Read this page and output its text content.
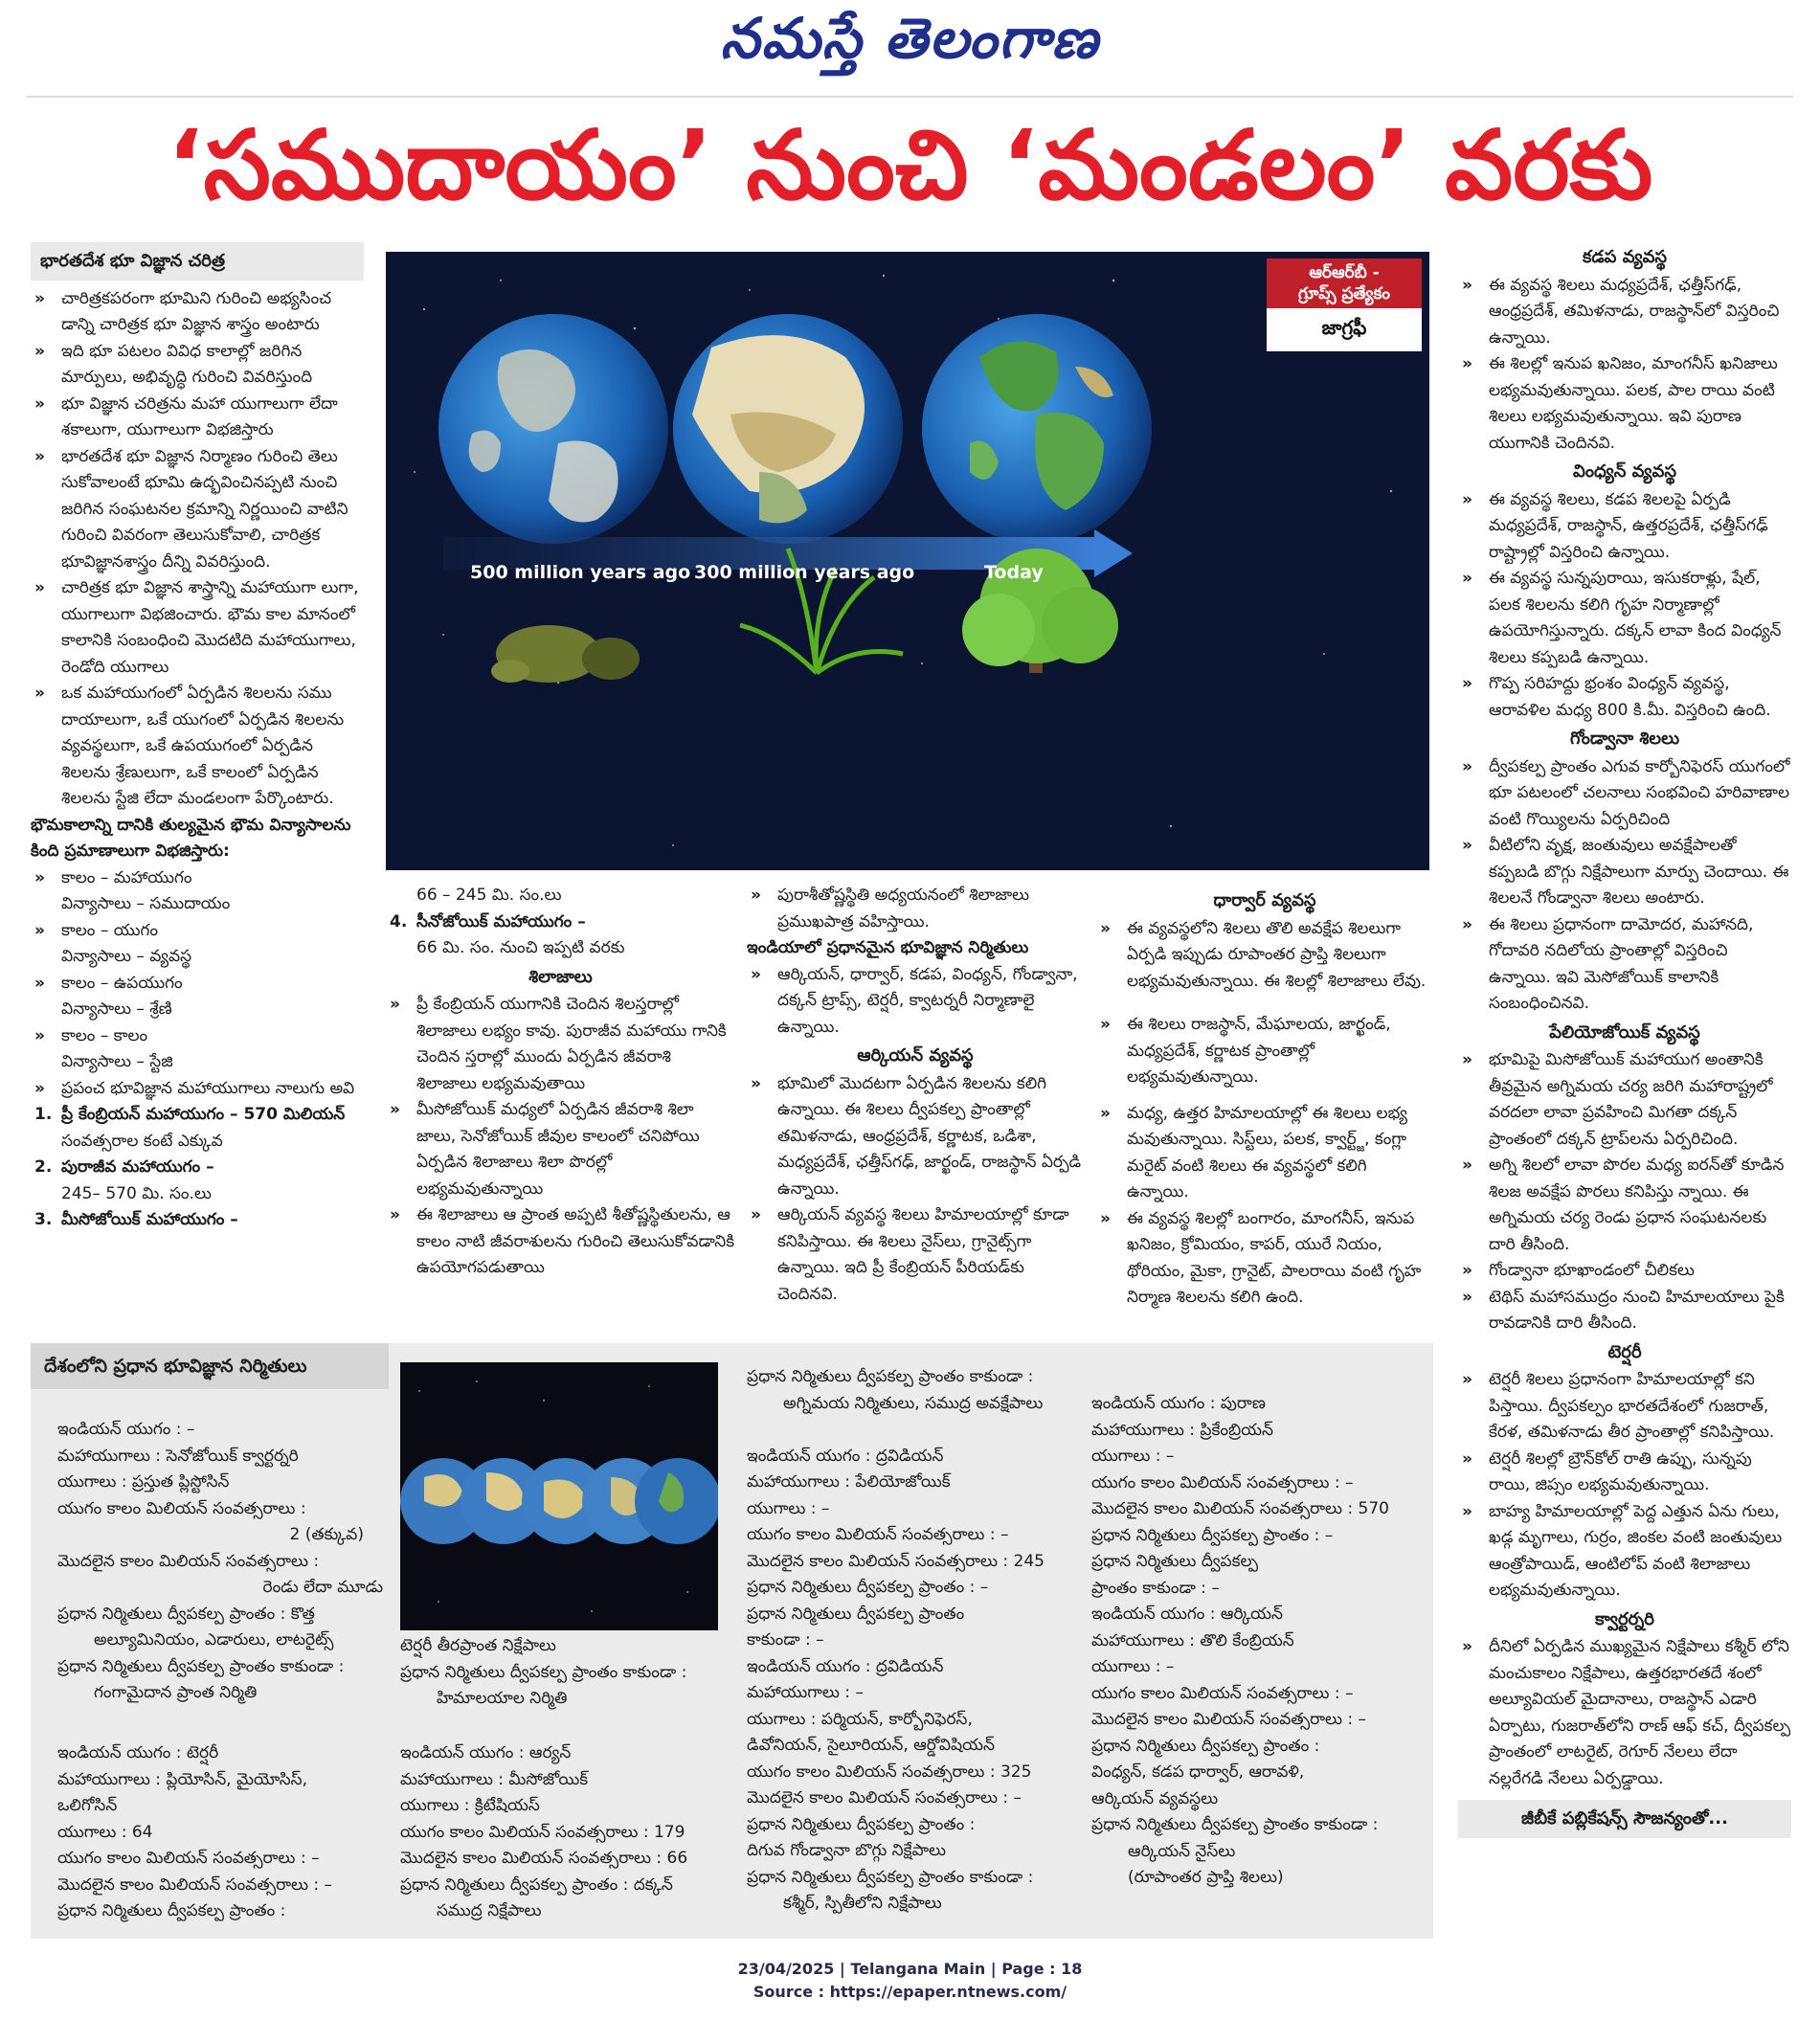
నమస్తే తెలంగాణ
‘సముదాయం’ నుంచి ‘మండలం’ వరకు
భారతదేశ భూ విజ్ఞాన చరిత్ర
» చారిత్రకపరంగా భూమిని గురించి అభ్యసించ డాన్ని చారిత్రక భూ విజ్ఞాన శాస్త్రం అంటారు
» ఇది భూ పటలం వివిధ కాలాల్లో జరిగిన మార్పులు, అభివృద్ధి గురించి వివరిస్తుంది
» భూ విజ్ఞాన చరిత్రను మహా యుగాలుగా లేదా శకాలుగా, యుగాలుగా విభజిస్తారు
» భారతదేశ భూ విజ్ఞాన నిర్మాణం గురించి తెలు సుకోవాలంటే భూమి ఉద్భవించినప్పటి నుంచి జరిగిన సంఘటనల క్రమాన్ని నిర్ణయించి వాటిని గురించి వివరంగా తెలుసుకోవాలి, చారిత్రక భూవిజ్ఞానశాస్త్రం దీన్ని వివరిస్తుంది.
» చారిత్రక భూ విజ్ఞాన శాస్త్రాన్ని మహాయుగా లుగా, యుగాలుగా విభజించారు. భౌమ కాల మానంలో కాలానికి సంబంధించి మొదటిది మహాయుగాలు, రెండోది యుగాలు
» ఒక మహాయుగంలో ఏర్పడిన శిలలను సము దాయాలుగా, ఒకే యుగంలో ఏర్పడిన శిలలను వ్యవస్థలుగా, ఒకే ఉపయుగంలో ఏర్పడిన శిలలను శ్రేణులుగా, ఒకే కాలంలో ఏర్పడిన శిలలను స్టేజి లేదా మండలంగా పేర్కొంటారు.

భౌమకాలాన్ని దానికి తుల్యమైన భౌమ విన్యాసాలను కింది ప్రమాణాలుగా విభజిస్తారు:

» కాలం – మహాయుగం

విన్యాసాలు – సముదాయం

» కాలం – యుగం

విన్యాసాలు – వ్యవస్థ

» కాలం – ఉపయుగం

విన్యాసాలు – శ్రేణి

» కాలం – కాలం

విన్యాసాలు – స్టేజి

» ప్రపంచ భూవిజ్ఞాన మహాయుగాలు నాలుగు అవి

1. ప్రీ కేంబ్రియన్ మహాయుగం – 570 మిలియన్

సంవత్సరాల కంటే ఎక్కువ

2. పురాజీవ మహాయుగం –

245– 570 మి. సం.లు

3. మీసోజోయిక్ మహాయుగం –

500 million years ago 300 million years ago	Today
ఆర్‌ఆర్‌బీ -
గ్రూప్స్ ప్రత్యేకం
జాగ్రఫీ

66 – 245 మి. సం.లు

4. సీనోజోయిక్ మహాయుగం –

66 మి. సం. నుంచి ఇప్పటి వరకు

శిలాజాలు
» ప్రీ కేంబ్రియన్ యుగానికి చెందిన శిలస్తరాల్లో శిలాజాలు లభ్యం కావు. పురాజీవ మహాయు గానికి చెందిన స్తరాల్లో ముందు ఏర్పడిన జీవరాశి శిలాజాలు లభ్యమవుతాయి
» మీసోజోయిక్ మధ్యలో ఏర్పడిన జీవరాశి శిలా జాలు, సెనోజోయిక్ జీవుల కాలంలో చనిపోయి ఏర్పడిన శిలాజాలు శిలా పొరల్లో లభ్యమవుతున్నాయి
» ఈ శిలాజాలు ఆ ప్రాంత అప్పటి శీతోష్ణస్థితులను, ఆ కాలం నాటి జీవరాశులను గురించి తెలుసుకోవడానికి ఉపయోగపడుతాయి
» పురాశీతోష్ణస్థితి అధ్యయనంలో శిలాజాలు ప్రముఖపాత్ర వహిస్తాయి.

ఇండియాలో ప్రధానమైన భూవిజ్ఞాన నిర్మితులు

» ఆర్కియన్, ధార్వార్, కడప, వింధ్యన్, గోండ్వానా, దక్కన్ ట్రాప్స్, టెర్షరీ, క్వాటర్నరీ నిర్మాణాలై ఉన్నాయి.
ఆర్కియన్ వ్యవస్థ
» భూమిలో మొదటగా ఏర్పడిన శిలలను కలిగి ఉన్నాయి. ఈ శిలలు ద్వీపకల్ప ప్రాంతాల్లో తమిళనాడు, ఆంధ్రప్రదేశ్, కర్ణాటక, ఒడిశా, మధ్యప్రదేశ్, ఛత్తీస్‌గఢ్, జార్ఖండ్, రాజస్థాన్ ఏర్పడి ఉన్నాయి.
» ఆర్కియన్ వ్యవస్థ శిలలు హిమాలయాల్లో కూడా కనిపిస్తాయి. ఈ శిలలు నైస్‌లు, గ్రానైట్స్‌గా ఉన్నాయి. ఇది ప్రీ కేంబ్రియన్ పీరియడ్‌కు చెందినవి.
ధార్వార్ వ్యవస్థ
» ఈ వ్యవస్థలోని శిలలు తొలి అవక్షేప శిలలుగా ఏర్పడి ఇప్పుడు రూపాంతర ప్రాప్తి శిలలుగా లభ్యమవుతున్నాయి. ఈ శిలల్లో శిలాజాలు లేవు.
» ఈ శిలలు రాజస్థాన్, మేఘాలయ, జార్ఖండ్, మధ్యప్రదేశ్, కర్ణాటక ప్రాంతాల్లో లభ్యమవుతున్నాయి.
» మధ్య, ఉత్తర హిమాలయాల్లో ఈ శిలలు లభ్య మవుతున్నాయి. సిస్ట్‌లు, పలక, క్వార్ట్జ్, కంగ్లా మరైట్ వంటి శిలలు ఈ వ్యవస్థలో కలిగి ఉన్నాయి.
» ఈ వ్యవస్థ శిలల్లో బంగారం, మాంగనీస్, ఇనుప ఖనిజం, క్రోమియం, కాపర్, యురే నియం, థోరియం, మైకా, గ్రానైట్, పాలరాయి వంటి గృహ నిర్మాణ శిలలను కలిగి ఉంది.
కడప వ్యవస్థ
» ఈ వ్యవస్థ శిలలు మధ్యప్రదేశ్, ఛత్తీస్‌గఢ్, ఆంధ్రప్రదేశ్, తమిళనాడు, రాజస్థాన్‌లో విస్తరించి ఉన్నాయి.
» ఈ శిలల్లో ఇనుప ఖనిజం, మాంగనీస్ ఖనిజాలు లభ్యమవుతున్నాయి. పలక, పాల రాయి వంటి శిలలు లభ్యమవుతున్నాయి. ఇవి పురాణ యుగానికి చెందినవి.
వింధ్యన్ వ్యవస్థ
» ఈ వ్యవస్థ శిలలు, కడప శిలలపై ఏర్పడి మధ్యప్రదేశ్, రాజస్థాన్, ఉత్తరప్రదేశ్, ఛత్తీస్‌గఢ్ రాష్ట్రాల్లో విస్తరించి ఉన్నాయి.
» ఈ వ్యవస్థ సున్నపురాయి, ఇసుకరాళ్లు, షేల్, పలక శిలలను కలిగి గృహ నిర్మాణాల్లో ఉపయోగిస్తున్నారు. దక్కన్ లావా కింద వింధ్యన్ శిలలు కప్పబడి ఉన్నాయి.
» గొప్ప సరిహద్దు భ్రంశం వింధ్యన్ వ్యవస్థ, ఆరావళిల మధ్య 800 కి.మీ. విస్తరించి ఉంది.
గోండ్వానా శిలలు
» ద్వీపకల్ప ప్రాంతం ఎగువ కార్బోనిఫెరస్ యుగంలో భూ పటలంలో చలనాలు సంభవించి హరివాణాల వంటి గొయ్యిలను ఏర్పరిచింది
» వీటిలోని వృక్ష, జంతువులు అవక్షేపాలతో కప్పబడి బొగ్గు నిక్షేపాలుగా మార్పు చెందాయి. ఈ శిలలనే గోండ్వానా శిలలు అంటారు.
» ఈ శిలలు ప్రధానంగా దామోదర, మహానది, గోదావరి నదిలోయ ప్రాంతాల్లో విస్తరించి ఉన్నాయి. ఇవి మెసోజోయిక్ కాలానికి సంబంధించినవి.
పేలియోజోయిక్ వ్యవస్థ
» భూమిపై మిసోజోయిక్ మహాయుగ అంతానికి తీవ్రమైన అగ్నిమయ చర్య జరిగి మహారాష్ట్రలో వరదలా లావా ప్రవహించి మిగతా దక్కన్ ప్రాంతంలో దక్కన్ ట్రాప్‌లను ఏర్పరిచింది.
» అగ్ని శిలలో లావా పొరల మధ్య ఐరన్‌తో కూడిన శిలజ అవక్షేప పొరలు కనిపిస్తు న్నాయి. ఈ అగ్నిమయ చర్య రెండు ప్రధాన సంఘటనలకు దారి తీసింది.
» గోండ్వానా భూఖాండంలో చీలికలు
» టెథిస్ మహాసముద్రం నుంచి హిమాలయాలు పైకి రావడానికి దారి తీసింది.
టెర్షరీ
» టెర్షరీ శిలలు ప్రధానంగా హిమాలయాల్లో కని పిస్తాయి. ద్వీపకల్పం భారతదేశంలో గుజరాత్, కేరళ, తమిళనాడు తీర ప్రాంతాల్లో కనిపిస్తాయి.
» టెర్షరీ శిలల్లో బ్రౌన్‌కోల్ రాతి ఉప్పు, సున్నపు రాయి, జిప్సం లభ్యమవుతున్నాయి.
» బాహ్య హిమాలయాల్లో పెద్ద ఎత్తున ఏను గులు, ఖడ్గ మృగాలు, గుర్రం, జింకల వంటి జంతువులు ఆంత్రోపాయిడ్, ఆంటిలోప్ వంటి శిలాజాలు లభ్యమవుతున్నాయి.
క్వార్టర్నరి
» దీనిలో ఏర్పడిన ముఖ్యమైన నిక్షేపాలు కశ్మీర్ లోని మంచుకాలం నిక్షేపాలు, ఉత్తరభారతదే శంలో అల్యూవియల్ మైదానాలు, రాజస్థాన్ ఎడారి ఏర్పాటు, గుజరాత్‌లోని రాణ్ ఆఫ్ కచ్, ద్వీపకల్ప ప్రాంతంలో లాటరైట్, రెగూర్ నేలలు లేదా నల్లరేగడి నేలలు ఏర్పడ్డాయి.
జీబీకే పబ్లికేషన్స్ సౌజన్యంతో...
దేశంలోని ప్రధాన భూవిజ్ఞాన నిర్మితులు

ఇండియన్ యుగం : –

మహాయుగాలు : సెనోజోయిక్ క్వార్టర్నరి

యుగాలు : ప్రస్తుత ప్లిస్టోసిన్

యుగం కాలం మిలియన్ సంవత్సరాలు :

2 (తక్కువ)

మొదలైన కాలం మిలియన్ సంవత్సరాలు :

రెండు లేదా మూడు

ప్రధాన నిర్మితులు ద్వీపకల్ప ప్రాంతం : కొత్త

అల్యూమినియం, ఎడారులు, లాటరైట్స్

ప్రధాన నిర్మితులు ద్వీపకల్ప ప్రాంతం కాకుండా :

గంగామైదాన ప్రాంత నిర్మితి

ఇండియన్ యుగం : టెర్షరీ

మహాయుగాలు : ప్లియోసిన్, మైయోసిస్,

ఒలిగోసిన్

యుగాలు : 64

యుగం కాలం మిలియన్ సంవత్సరాలు : –

మొదలైన కాలం మిలియన్ సంవత్సరాలు : –

ప్రధాన నిర్మితులు ద్వీపకల్ప ప్రాంతం :

టెర్షరీ తీరప్రాంత నిక్షేపాలు

ప్రధాన నిర్మితులు ద్వీపకల్ప ప్రాంతం కాకుండా :

హిమాలయాల నిర్మితి

ఇండియన్ యుగం : ఆర్యన్

మహాయుగాలు : మీసోజోయిక్

యుగాలు : క్రిటేషియస్

యుగం కాలం మిలియన్ సంవత్సరాలు : 179

మొదలైన కాలం మిలియన్ సంవత్సరాలు : 66

ప్రధాన నిర్మితులు ద్వీపకల్ప ప్రాంతం : దక్కన్

సముద్ర నిక్షేపాలు

ప్రధాన నిర్మితులు ద్వీపకల్ప ప్రాంతం కాకుండా :

అగ్నిమయ నిర్మితులు, సముద్ర అవక్షేపాలు

ఇండియన్ యుగం : ద్రవిడియన్

మహాయుగాలు : పేలియోజోయిక్

యుగాలు : –

యుగం కాలం మిలియన్ సంవత్సరాలు : –

మొదలైన కాలం మిలియన్ సంవత్సరాలు : 245

ప్రధాన నిర్మితులు ద్వీపకల్ప ప్రాంతం : –

ప్రధాన నిర్మితులు ద్వీపకల్ప ప్రాంతం

కాకుండా : –

ఇండియన్ యుగం : ద్రవిడియన్

మహాయుగాలు : –

యుగాలు : పర్మియన్, కార్బోనిఫెరస్,

డివోనియన్, సైలూరియన్, ఆర్డోవిషియన్

యుగం కాలం మిలియన్ సంవత్సరాలు : 325

మొదలైన కాలం మిలియన్ సంవత్సరాలు : –

ప్రధాన నిర్మితులు ద్వీపకల్ప ప్రాంతం :

దిగువ గోండ్వానా బొగ్గు నిక్షేపాలు

ప్రధాన నిర్మితులు ద్వీపకల్ప ప్రాంతం కాకుండా :

కశ్మీర్, స్పితీలోని నిక్షేపాలు

ఇండియన్ యుగం : పురాణ

మహాయుగాలు : ప్రికేంబ్రియన్

యుగాలు : –

యుగం కాలం మిలియన్ సంవత్సరాలు : –

మొదలైన కాలం మిలియన్ సంవత్సరాలు : 570

ప్రధాన నిర్మితులు ద్వీపకల్ప ప్రాంతం : –

ప్రధాన నిర్మితులు ద్వీపకల్ప

ప్రాంతం కాకుండా : –

ఇండియన్ యుగం : ఆర్కియన్

మహాయుగాలు : తొలి కేంబ్రియన్

యుగాలు : –

యుగం కాలం మిలియన్ సంవత్సరాలు : –

మొదలైన కాలం మిలియన్ సంవత్సరాలు : –

ప్రధాన నిర్మితులు ద్వీపకల్ప ప్రాంతం :

వింధ్యన్, కడప ధార్వార్, ఆరావళి,

ఆర్కియన్ వ్యవస్థలు

ప్రధాన నిర్మితులు ద్వీపకల్ప ప్రాంతం కాకుండా :

ఆర్కియన్ నైస్‌లు

(రూపాంతర ప్రాప్తి శిలలు)

23/04/2025 | Telangana Main | Page : 18
Source : https://epaper.ntnews.com/
